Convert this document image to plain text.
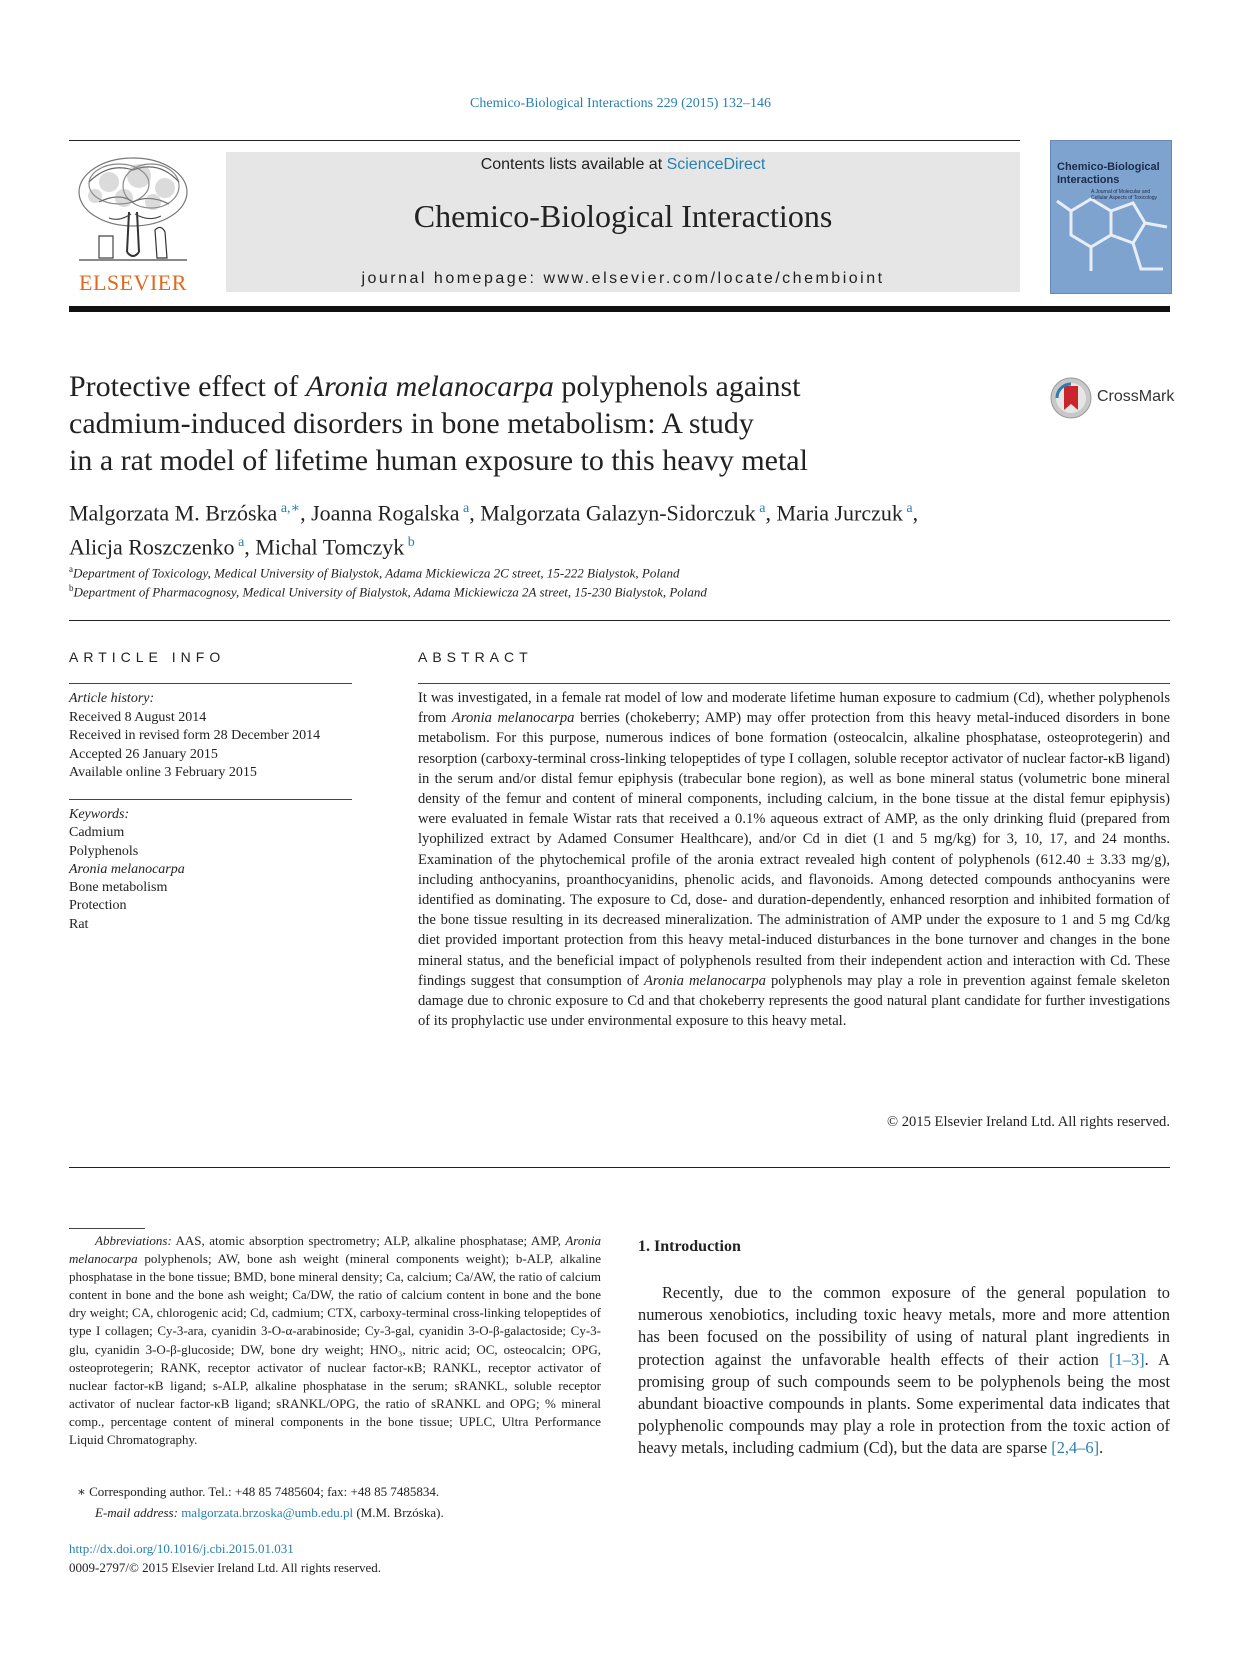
Chemico-Biological Interactions 229 (2015) 132–146
ELSEVIER
Contents lists available at ScienceDirect
Chemico-Biological Interactions
journal homepage: www.elsevier.com/locate/chembioint
Chemico-Biological Interactions
A Journal of Molecular and Cellular Aspects of Toxicology
Protective effect of Aronia melanocarpa polyphenols against
cadmium-induced disorders in bone metabolism: A study
in a rat model of lifetime human exposure to this heavy metal
CrossMark
Malgorzata M. Brzóska $^{a,∗}$, Joanna Rogalska $^a$, Malgorzata Galazyn-Sidorczuk $^a$, Maria Jurczuk $^a$,
Alicja Roszczenko $^a$, Michal Tomczyk $^b$
$^a$Department of Toxicology, Medical University of Bialystok, Adama Mickiewicza 2C street, 15-222 Bialystok, Poland
$^b$Department of Pharmacognosy, Medical University of Bialystok, Adama Mickiewicza 2A street, 15-230 Bialystok, Poland
ARTICLE INFO	ABSTRACT
Article history:
Received 8 August 2014
Received in revised form 28 December 2014
Accepted 26 January 2015
Available online 3 February 2015
Keywords:
Cadmium
Polyphenols
Aronia melanocarpa
Bone metabolism
Protection
Rat
It was investigated, in a female rat model of low and moderate lifetime human exposure to cadmium (Cd), whether polyphenols from Aronia melanocarpa berries (chokeberry; AMP) may offer protection from this heavy metal-induced disorders in bone metabolism. For this purpose, numerous indices of bone formation (osteocalcin, alkaline phosphatase, osteoprotegerin) and resorption (carboxy-terminal cross-linking telopeptides of type I collagen, soluble receptor activator of nuclear factor-κB ligand) in the serum and/or distal femur epiphysis (trabecular bone region), as well as bone mineral status (volumetric bone mineral density of the femur and content of mineral components, including calcium, in the bone tissue at the distal femur epiphysis) were evaluated in female Wistar rats that received a 0.1% aqueous extract of AMP, as the only drinking fluid (prepared from lyophilized extract by Adamed Consumer Healthcare), and/or Cd in diet (1 and 5 mg/kg) for 3, 10, 17, and 24 months. Examination of the phytochemical profile of the aronia extract revealed high content of polyphenols (612.40 ± 3.33 mg/g), including anthocyanins, proanthocyanidins, phenolic acids, and flavonoids. Among detected compounds anthocyanins were identified as dominating. The exposure to Cd, dose- and duration-dependently, enhanced resorption and inhibited formation of the bone tissue resulting in its decreased mineralization. The administration of AMP under the exposure to 1 and 5 mg Cd/kg diet provided important protection from this heavy metal-induced disturbances in the bone turnover and changes in the bone mineral status, and the beneficial impact of polyphenols resulted from their independent action and interaction with Cd. These findings suggest that consumption of Aronia melanocarpa polyphenols may play a role in prevention against female skeleton damage due to chronic exposure to Cd and that chokeberry represents the good natural plant candidate for further investigations of its prophylactic use under environmental exposure to this heavy metal.
© 2015 Elsevier Ireland Ltd. All rights reserved.
Abbreviations: AAS, atomic absorption spectrometry; ALP, alkaline phosphatase; AMP, Aronia melanocarpa polyphenols; AW, bone ash weight (mineral components weight); b-ALP, alkaline phosphatase in the bone tissue; BMD, bone mineral density; Ca, calcium; Ca/AW, the ratio of calcium content in bone and the bone ash weight; Ca/DW, the ratio of calcium content in bone and the bone dry weight; CA, chlorogenic acid; Cd, cadmium; CTX, carboxy-terminal cross-linking telopeptides of type I collagen; Cy-3-ara, cyanidin 3-O-α-arabinoside; Cy-3-gal, cyanidin 3-O-β-galactoside; Cy-3-glu, cyanidin 3-O-β-glucoside; DW, bone dry weight; HNO₃, nitric acid; OC, osteocalcin; OPG, osteoprotegerin; RANK, receptor activator of nuclear factor-κB; RANKL, receptor activator of nuclear factor-κB ligand; s-ALP, alkaline phosphatase in the serum; sRANKL, soluble receptor activator of nuclear factor-κB ligand; sRANKL/OPG, the ratio of sRANKL and OPG; % mineral comp., percentage content of mineral components in the bone tissue; UPLC, Ultra Performance Liquid Chromatography.
∗ Corresponding author. Tel.: +48 85 7485604; fax: +48 85 7485834.
E-mail address: malgorzata.brzoska@umb.edu.pl (M.M. Brzóska).
http://dx.doi.org/10.1016/j.cbi.2015.01.031
0009-2797/© 2015 Elsevier Ireland Ltd. All rights reserved.
1. Introduction
Recently, due to the common exposure of the general population to numerous xenobiotics, including toxic heavy metals, more and more attention has been focused on the possibility of using of natural plant ingredients in protection against the unfavorable health effects of their action [1–3]. A promising group of such compounds seem to be polyphenols being the most abundant bioactive compounds in plants. Some experimental data indicates that polyphenolic compounds may play a role in protection from the toxic action of heavy metals, including cadmium (Cd), but the data are sparse [2,4–6].
